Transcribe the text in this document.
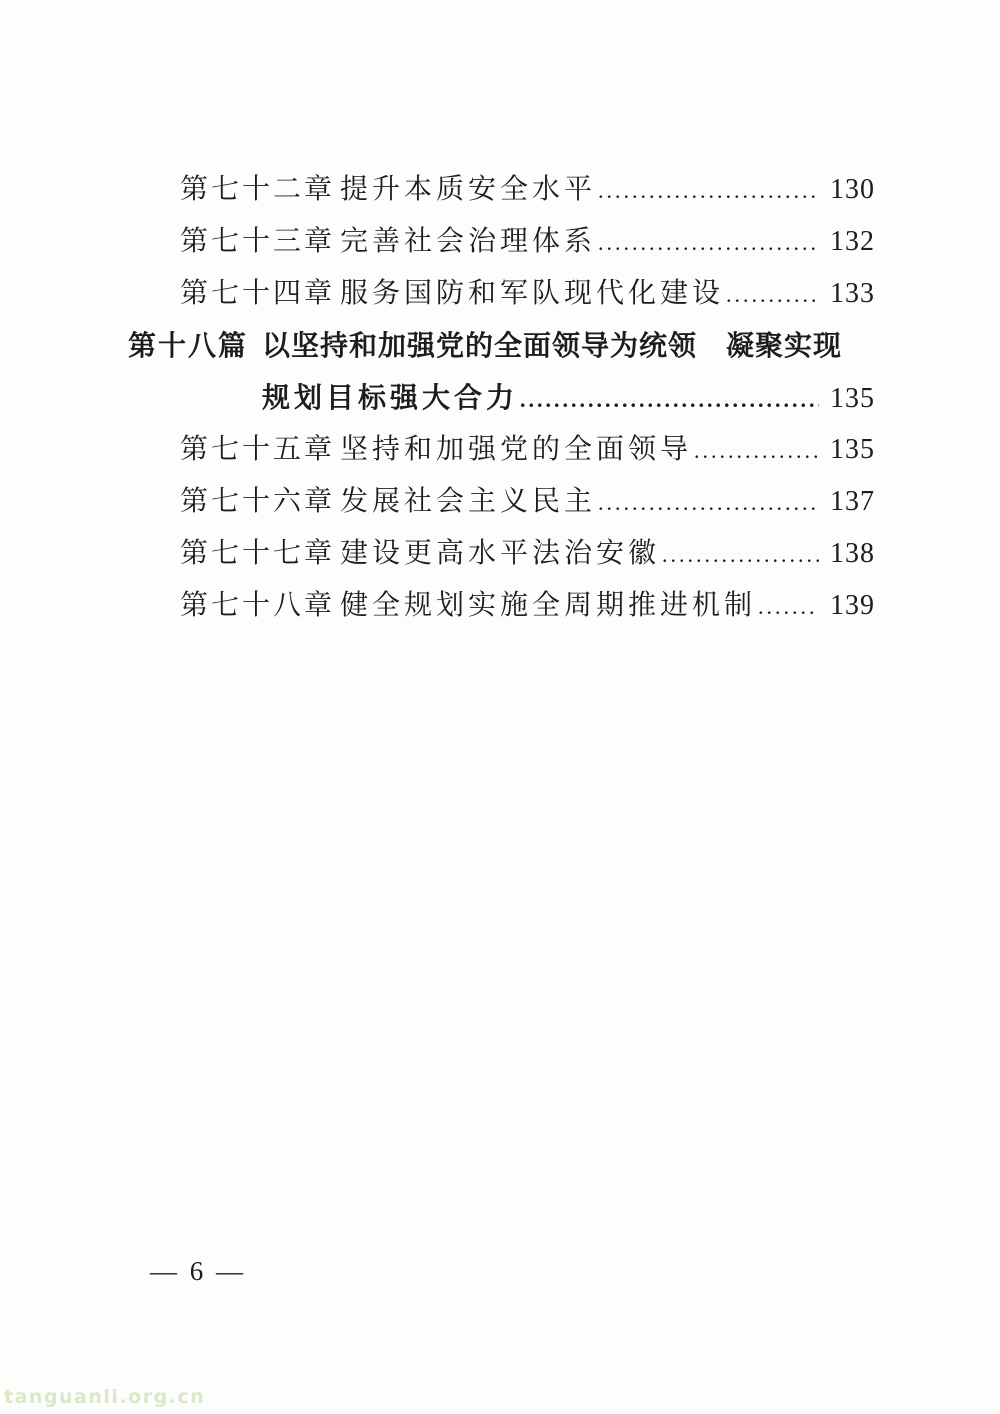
第七十二章 提升本质安全水平 .....	130
第七十三章 完善社会治理体系 .....	132
第七十四章 服务国防和军队现代化建设 .....	133
第十八篇 以坚持和加强党的全面领导为统领　凝聚实现
规划目标强大合力 .....	135
第七十五章 坚持和加强党的全面领导 .....	135
第七十六章 发展社会主义民主 .....	137
第七十七章 建设更高水平法治安徽 .....	138
第七十八章 健全规划实施全周期推进机制 .....	139
— 6 —
tanguanli.org.cn
